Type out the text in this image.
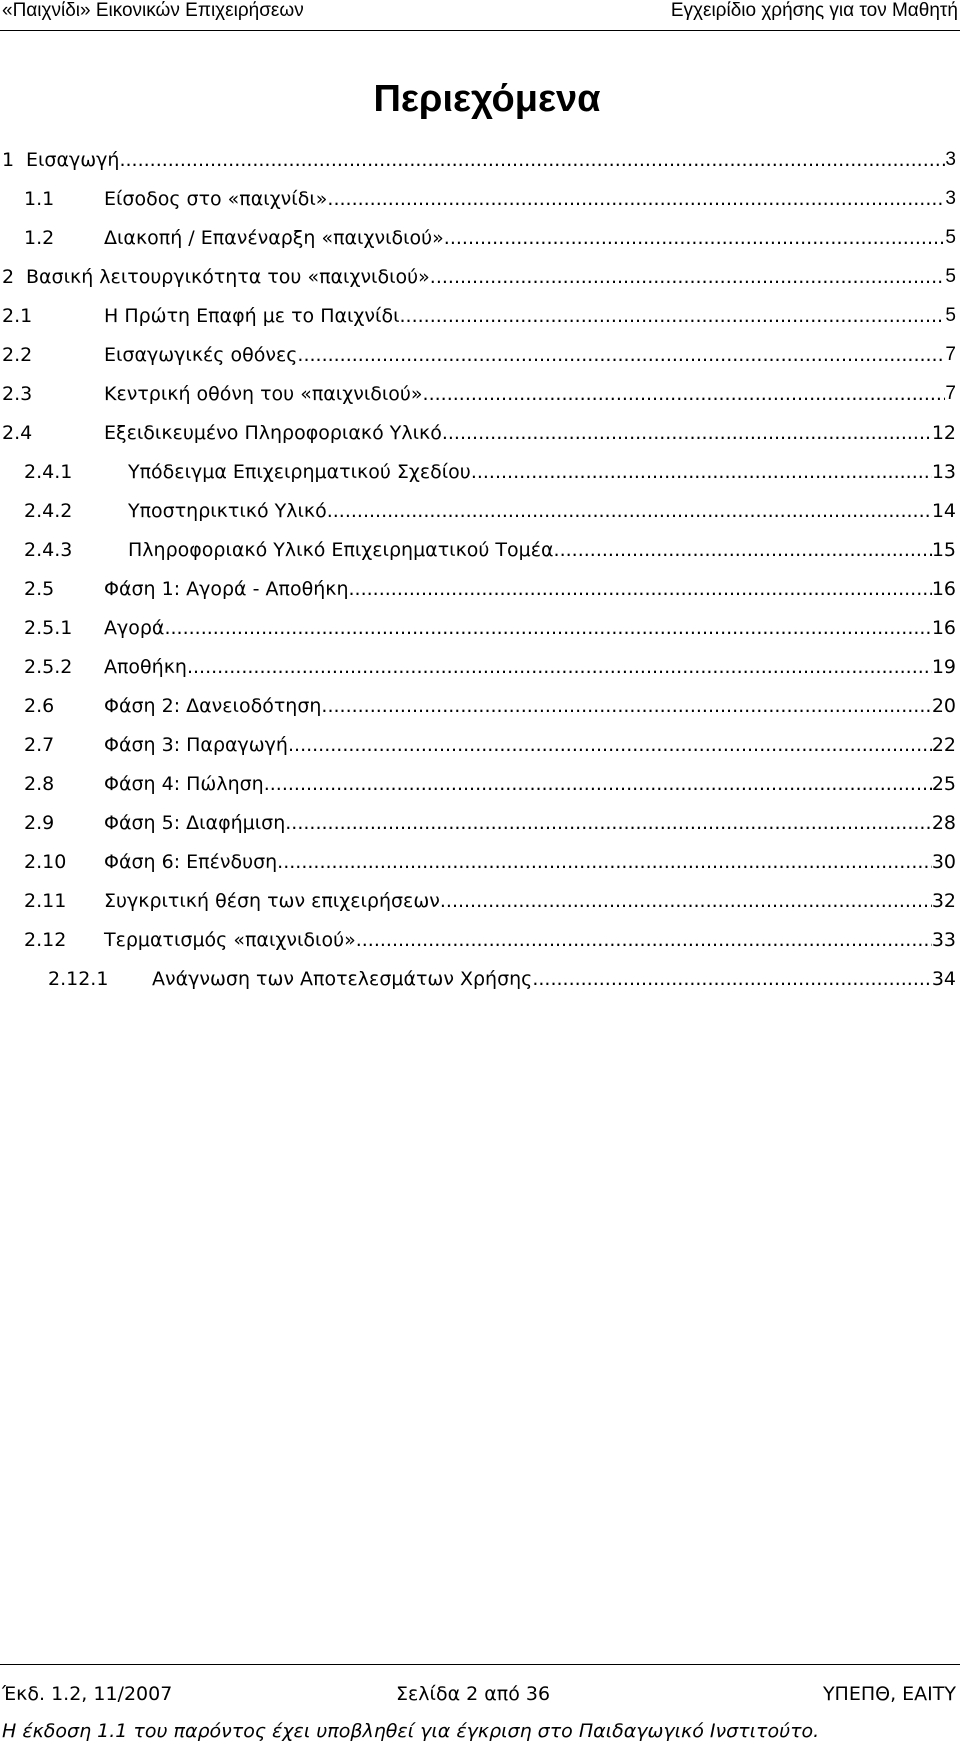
«Παιχνίδι» Εικονικών Επιχειρήσεων	Εγχειρίδιο χρήσης για τον Μαθητή
Περιεχόμενα
1 Εισαγωγή .....	3
1.1	Είσοδος στο «παιχνίδι» .....	3
1.2	Διακοπή / Επανέναρξη «παιχνιδιού» .....	5
2 Βασική λειτουργικότητα του «παιχνιδιού» .....	5
2.1	Η Πρώτη Επαφή με το Παιχνίδι .....	5
2.2	Εισαγωγικές οθόνες .....	7
2.3	Κεντρική οθόνη του «παιχνιδιού» .....	7
2.4	Εξειδικευμένο Πληροφοριακό Υλικό .....	12
2.4.1	Υπόδειγμα Επιχειρηματικού Σχεδίου .....	13
2.4.2	Υποστηρικτικό Υλικό .....	14
2.4.3	Πληροφοριακό Υλικό Επιχειρηματικού Τομέα .....	15
2.5	Φάση 1: Αγορά - Αποθήκη .....	16
2.5.1	Αγορά .....	16
2.5.2	Αποθήκη .....	19
2.6	Φάση 2: Δανειοδότηση .....	20
2.7	Φάση 3: Παραγωγή .....	22
2.8	Φάση 4: Πώληση .....	25
2.9	Φάση 5: Διαφήμιση .....	28
2.10	Φάση 6: Επένδυση .....	30
2.11	Συγκριτική θέση των επιχειρήσεων .....	32
2.12	Τερματισμός «παιχνιδιού» .....	33
2.12.1	Ανάγνωση των Αποτελεσμάτων Χρήσης .....	34
Έκδ. 1.2, 11/2007	Σελίδα 2 από 36	ΥΠΕΠΘ, ΕΑΙΤΥ
Η έκδοση 1.1 του παρόντος έχει υποβληθεί για έγκριση στο Παιδαγωγικό Ινστιτούτο.
